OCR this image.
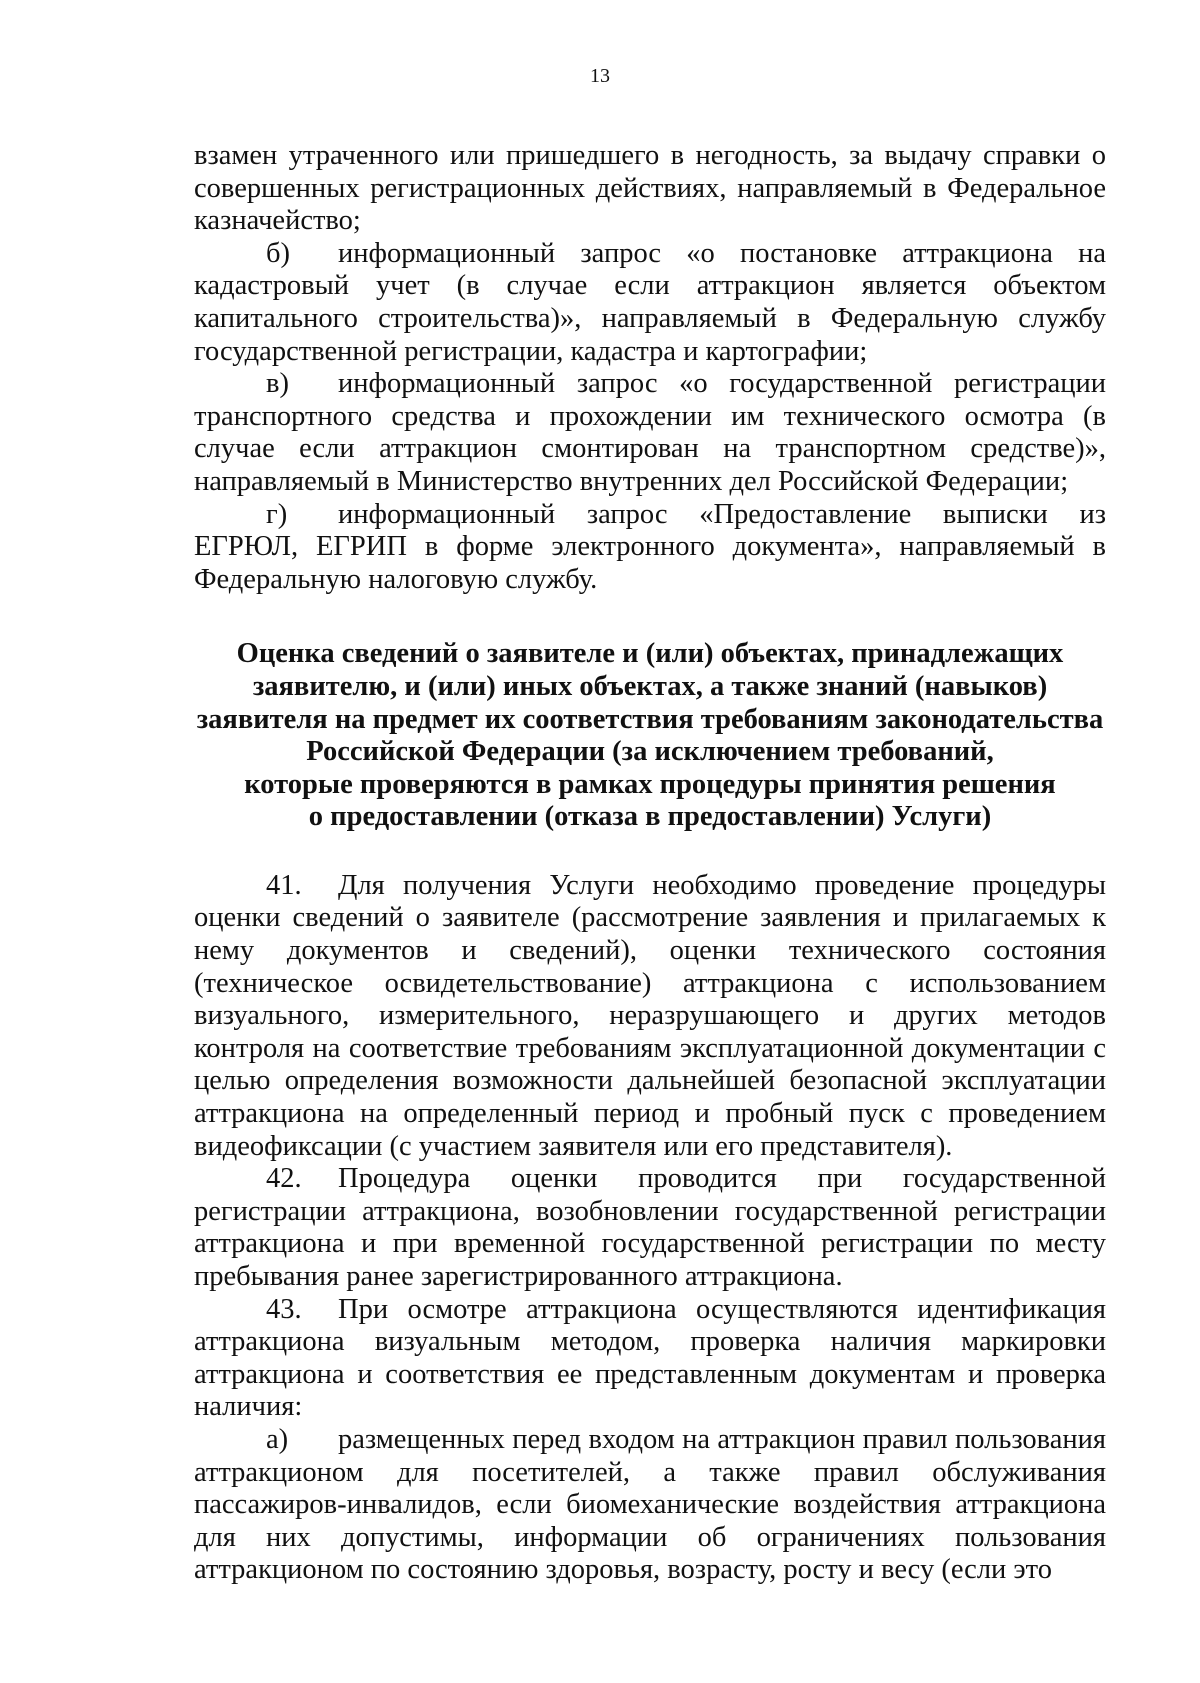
13

взамен утраченного или пришедшего в негодность, за выдачу справки о совершенных регистрационных действиях, направляемый в Федеральное казначейство;

б) информационный запрос «о постановке аттракциона на кадастровый учет (в случае если аттракцион является объектом капитального строительства)», направляемый в Федеральную службу государственной регистрации, кадастра и картографии;

в) информационный запрос «о государственной регистрации транспортного средства и прохождении им технического осмотра (в случае если аттракцион смонтирован на транспортном средстве)», направляемый в Министерство внутренних дел Российской Федерации;

г) информационный запрос «Предоставление выписки из ЕГРЮЛ, ЕГРИП в форме электронного документа», направляемый в Федеральную налоговую службу.

Оценка сведений о заявителе и (или) объектах, принадлежащих
заявителю, и (или) иных объектах, а также знаний (навыков)
заявителя на предмет их соответствия требованиям законодательства
Российской Федерации (за исключением требований,
которые проверяются в рамках процедуры принятия решения
о предоставлении (отказа в предоставлении) Услуги)

41. Для получения Услуги необходимо проведение процедуры оценки сведений о заявителе (рассмотрение заявления и прилагаемых к нему документов и сведений), оценки технического состояния (техническое освидетельствование) аттракциона с использованием визуального, измерительного, неразрушающего и других методов контроля на соответствие требованиям эксплуатационной документации с целью определения возможности дальнейшей безопасной эксплуатации аттракциона на определенный период и пробный пуск с проведением видеофиксации (с участием заявителя или его представителя).

42. Процедура оценки проводится при государственной регистрации аттракциона, возобновлении государственной регистрации аттракциона и при временной государственной регистрации по месту пребывания ранее зарегистрированного аттракциона.

43. При осмотре аттракциона осуществляются идентификация аттракциона визуальным методом, проверка наличия маркировки аттракциона и соответствия ее представленным документам и проверка наличия:

а) размещенных перед входом на аттракцион правил пользования аттракционом для посетителей, а также правил обслуживания пассажиров-инвалидов, если биомеханические воздействия аттракциона для них допустимы, информации об ограничениях пользования аттракционом по состоянию здоровья, возрасту, росту и весу (если это
